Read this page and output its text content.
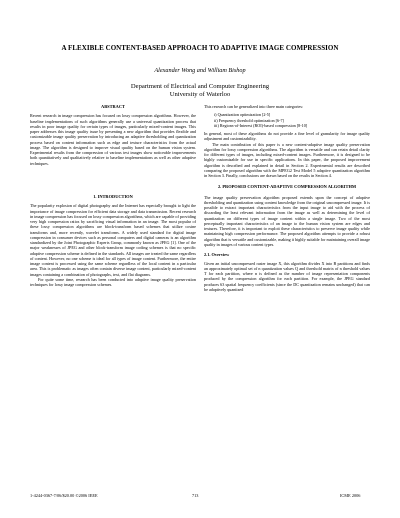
A FLEXIBLE CONTENT-BASED APPROACH TO ADAPTIVE IMAGE COMPRESSION
Alexander Wong and William Bishop
Department of Electrical and Computer Engineering
University of Waterloo
ABSTRACT

Recent research in image compression has focused on lossy compression algorithms. However, the baseline implementations of such algorithms generally use a universal quantization process that results in poor image quality for certain types of images, particularly mixed-content images. This paper addresses this image quality issue by presenting a new algorithm that provides flexible and customizable image quality preservation by introducing an adaptive thresholding and quantization process based on content information such as edge and texture characteristics from the actual image. The algorithm is designed to improve visual quality based on the human vision system. Experimental results from the compression of various test images show noticeable improvements both quantitatively and qualitatively relative to baseline implementations as well as other adaptive techniques.

1. INTRODUCTION

The popularity explosion of digital photography and the Internet has especially brought to light the importance of image compression for efficient data storage and data transmission. Recent research in image compression has focused on lossy compression algorithms, which are capable of providing very high compression ratios by sacrificing visual information in an image. The most popular of these lossy compression algorithms are block-transform based schemes that utilize cosine transforms and, more recently, wavelet transforms. A widely used standard for digital image compression in consumer devices such as personal computers and digital cameras is an algorithm standardized by the Joint Photographic Experts Group, commonly known as JPEG [1]. One of the major weaknesses of JPEG and other block-transform image coding schemes is that no specific adaptive compression scheme is defined in the standards. All images are treated the same regardless of content. However, no one scheme is ideal for all types of image content. Furthermore, the entire image content is processed using the same scheme regardless of the local content in a particular area. This is problematic as images often contain diverse image content, particularly mixed-content images containing a combination of photographs, text, and flat diagrams.

For quite some time, research has been conducted into adaptive image quality preservation techniques for lossy image compression schemes.

This research can be generalized into three main categories:

i) Quantization optimization [2-5]
ii) Frequency threshold optimization [6-7]
iii) Regions-of-Interest (ROI)-based compression [8-10]

In general, most of these algorithms do not provide a fine level of granularity for image quality adjustment and customizability.

The main contribution of this paper is a new content-adaptive image quality preservation algorithm for lossy compression algorithms. The algorithm is versatile and can retain detail clarity for different types of images, including mixed-content images. Furthermore, it is designed to be highly customizable for use in specific applications. In this paper, the proposed improvement algorithm is described and explained in detail in Section 2. Experimental results are described comparing the proposed algorithm with the MPEG2 Test Model 5 adaptive quantization algorithm in Section 3. Finally, conclusions are drawn based on the results in Section 4.

2. PROPOSED CONTENT-ADAPTIVE COMPRESSION ALGORITHM

The image quality preservation algorithm proposed extends upon the concept of adaptive thresholding and quantization using content knowledge from the original uncompressed image. It is possible to extract important characteristics from the input image to aid with the process of discarding the least relevant information from the image as well as determining the level of quantization on different types of image content within a single image. Two of the most perceptually important characteristics of an image to the human vision system are edges and textures. Therefore, it is important to exploit these characteristics to preserve image quality while maintaining high compression performance. The proposed algorithm attempts to provide a robust algorithm that is versatile and customizable, making it highly suitable for maintaining overall image quality in images of various content types.

2.1. Overview

Given an initial uncompressed raster image X, this algorithm divides X into B partitions and finds an approximately optimal set of n quantization values Q and threshold matrix of n threshold values T for each partition, where n is defined as the number of image representation components produced by the compression algorithm for each partition. For example, the JPEG standard produces 63 spatial frequency coefficients (since the DC quantization remains unchanged) that can be adaptively quantized

1-4244-0367-7/06/$20.00 ©2006 IEEE	713	ICME 2006
